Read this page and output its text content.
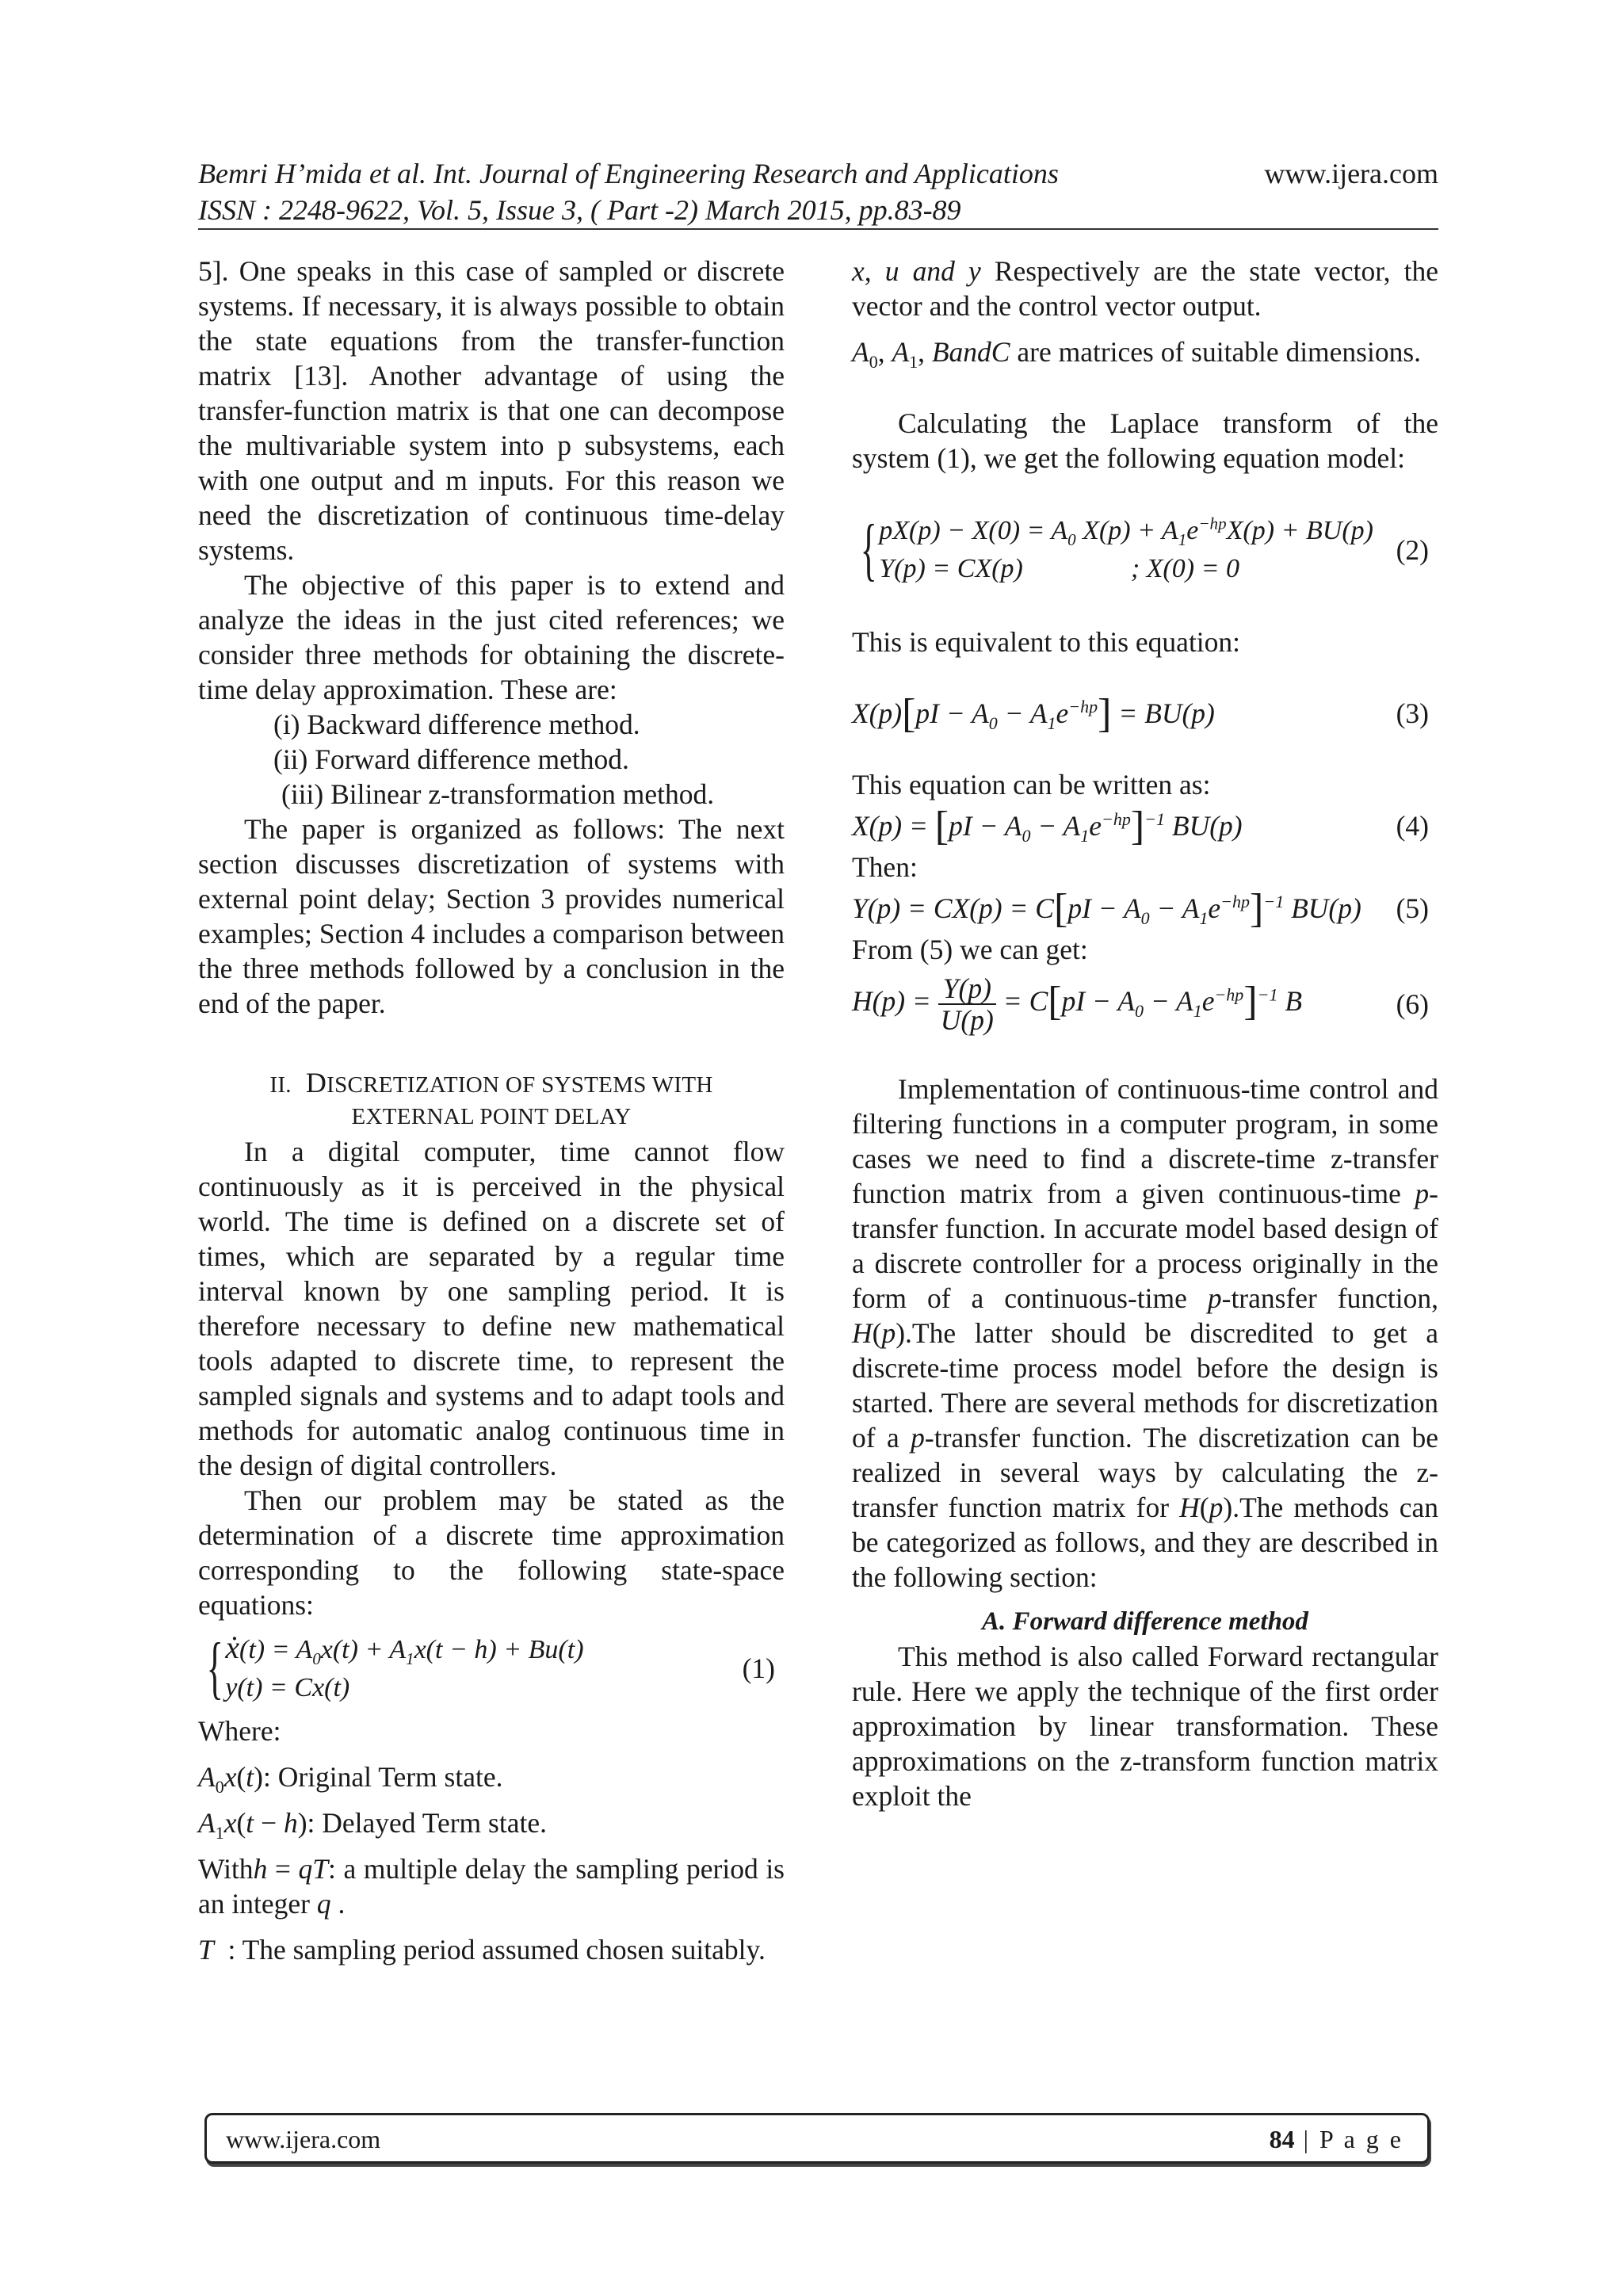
Bemri H’mida et al. Int. Journal of Engineering Research and Applications
ISSN : 2248-9622, Vol. 5, Issue 3, ( Part -2) March 2015, pp.83-89
www.ijera.com

5]. One speaks in this case of sampled or discrete systems. If necessary, it is always possible to obtain the state equations from the transfer-function matrix [13]. Another advantage of using the transfer-function matrix is that one can decompose the multivariable system into p subsystems, each with one output and m inputs. For this reason we need the discretization of continuous time-delay systems.

The objective of this paper is to extend and analyze the ideas in the just cited references; we consider three methods for obtaining the discrete-time delay approximation. These are:

(i) Backward difference method.

(ii) Forward difference method.

(iii) Bilinear z-transformation method.

The paper is organized as follows: The next section discusses discretization of systems with external point delay; Section 3 provides numerical examples; Section 4 includes a comparison between the three methods followed by a conclusion in the end of the paper.

II. DISCRETIZATION OF SYSTEMS WITH
EXTERNAL POINT DELAY

In a digital computer, time cannot flow continuously as it is perceived in the physical world. The time is defined on a discrete set of times, which are separated by a regular time interval known by one sampling period. It is therefore necessary to define new mathematical tools adapted to discrete time, to represent the sampled signals and systems and to adapt tools and methods for automatic analog continuous time in the design of digital controllers.

Then our problem may be stated as the determination of a discrete time approximation corresponding to the following state-space equations:

{ẋ(t) = $A_0x(t) + A_1x(t - h) + Bu(t)$
y(t) = Cx(t)
(1)

Where:

$A_0x(t)$: Original Term state.

$A_1x(t - h)$: Delayed Term state.

Withh = qT: a multiple delay the sampling period is an integer q .

T : The sampling period assumed chosen suitably.

x, u and y Respectively are the state vector, the vector and the control vector output.

$A_0$, $A_1$, BandC are matrices of suitable dimensions.

Calculating the Laplace transform of the system (1), we get the following equation model:

{$pX(p) - X(0) = A_0$ $X(p) + A_1e^{-hp}X(p) + BU(p)$
Y(p) = CX(p)                ; X(0) = 0
(2)

This is equivalent to this equation:

$X(p)[pI - A_0 - A_1e^{-hp}] = BU(p)$	(3)

This equation can be written as:

$X(p) = [pI - A_0 - A_1e^{-hp}]^{-1}$ BU(p)	(4)

Then:

$Y(p) = CX(p) = C[pI - A_0 - A_1e^{-hp}]^{-1}$ BU(p) (5)

From (5) we can get:

$H(p) = \frac{Y(p)}{U(p)} = C[pI - A_0 - A_1e^{-hp}]^{-1}$ B	(6)

Implementation of continuous-time control and filtering functions in a computer program, in some cases we need to find a discrete-time z-transfer function matrix from a given continuous-time p-transfer function. In accurate model based design of a discrete controller for a process originally in the form of a continuous-time p-transfer function, H(p).The latter should be discredited to get a discrete-time process model before the design is started. There are several methods for discretization of a p-transfer function. The discretization can be realized in several ways by calculating the z-transfer function matrix for H(p).The methods can be categorized as follows, and they are described in the following section:

A. Forward difference method

This method is also called Forward rectangular rule. Here we apply the technique of the first order approximation by linear transformation. These approximations on the z-transform function matrix exploit the

www.ijera.com	84 | P a g e
